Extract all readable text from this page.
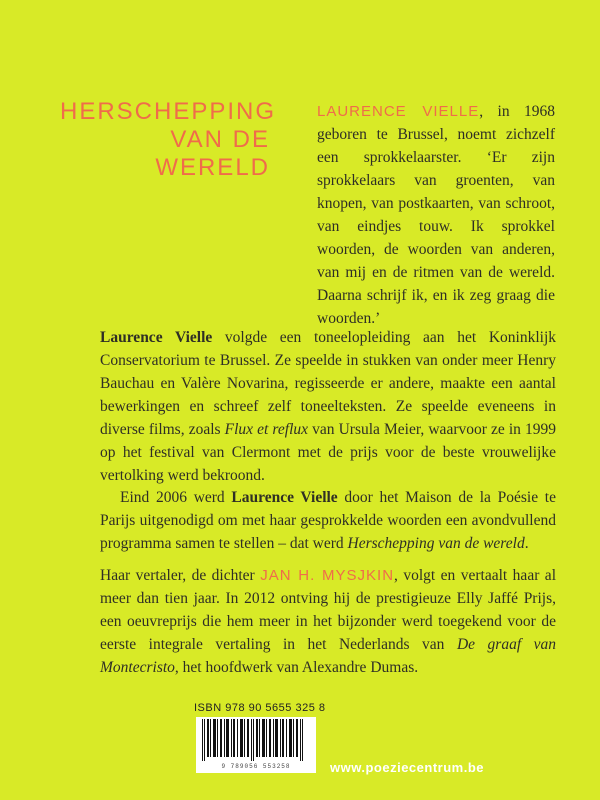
HERSCHEPPING
VAN DE
WERELD
LAURENCE VIELLE, in 1968 geboren te Brussel, noemt zichzelf een sprokkelaarster. ‘Er zijn sprokkelaars van groenten, van knopen, van postkaarten, van schroot, van eindjes touw. Ik sprokkel woorden, de woorden van anderen, van mij en de ritmen van de wereld. Daarna schrijf ik, en ik zeg graag die woorden.’

Laurence Vielle volgde een toneelopleiding aan het Koninklijk Conservatorium te Brussel. Ze speelde in stukken van onder meer Henry Bauchau en Valère Novarina, regisseerde er andere, maakte een aantal bewerkingen en schreef zelf toneelteksten. Ze speelde eveneens in diverse films, zoals Flux et reflux van Ursula Meier, waarvoor ze in 1999 op het festival van Clermont met de prijs voor de beste vrouwelijke vertolking werd bekroond.

Eind 2006 werd Laurence Vielle door het Maison de la Poésie te Parijs uitgenodigd om met haar gesprokkelde woorden een avondvullend programma samen te stellen – dat werd Herschepping van de wereld.

Haar vertaler, de dichter JAN H. MYSJKIN, volgt en vertaalt haar al meer dan tien jaar. In 2012 ontving hij de prestigieuze Elly Jaffé Prijs, een oeuvreprijs die hem meer in het bijzonder werd toegekend voor de eerste integrale vertaling in het Nederlands van De graaf van Montecristo, het hoofdwerk van Alexandre Dumas.

ISBN 978 90 5655 325 8
9 789056 553258	www.poeziecentrum.be
